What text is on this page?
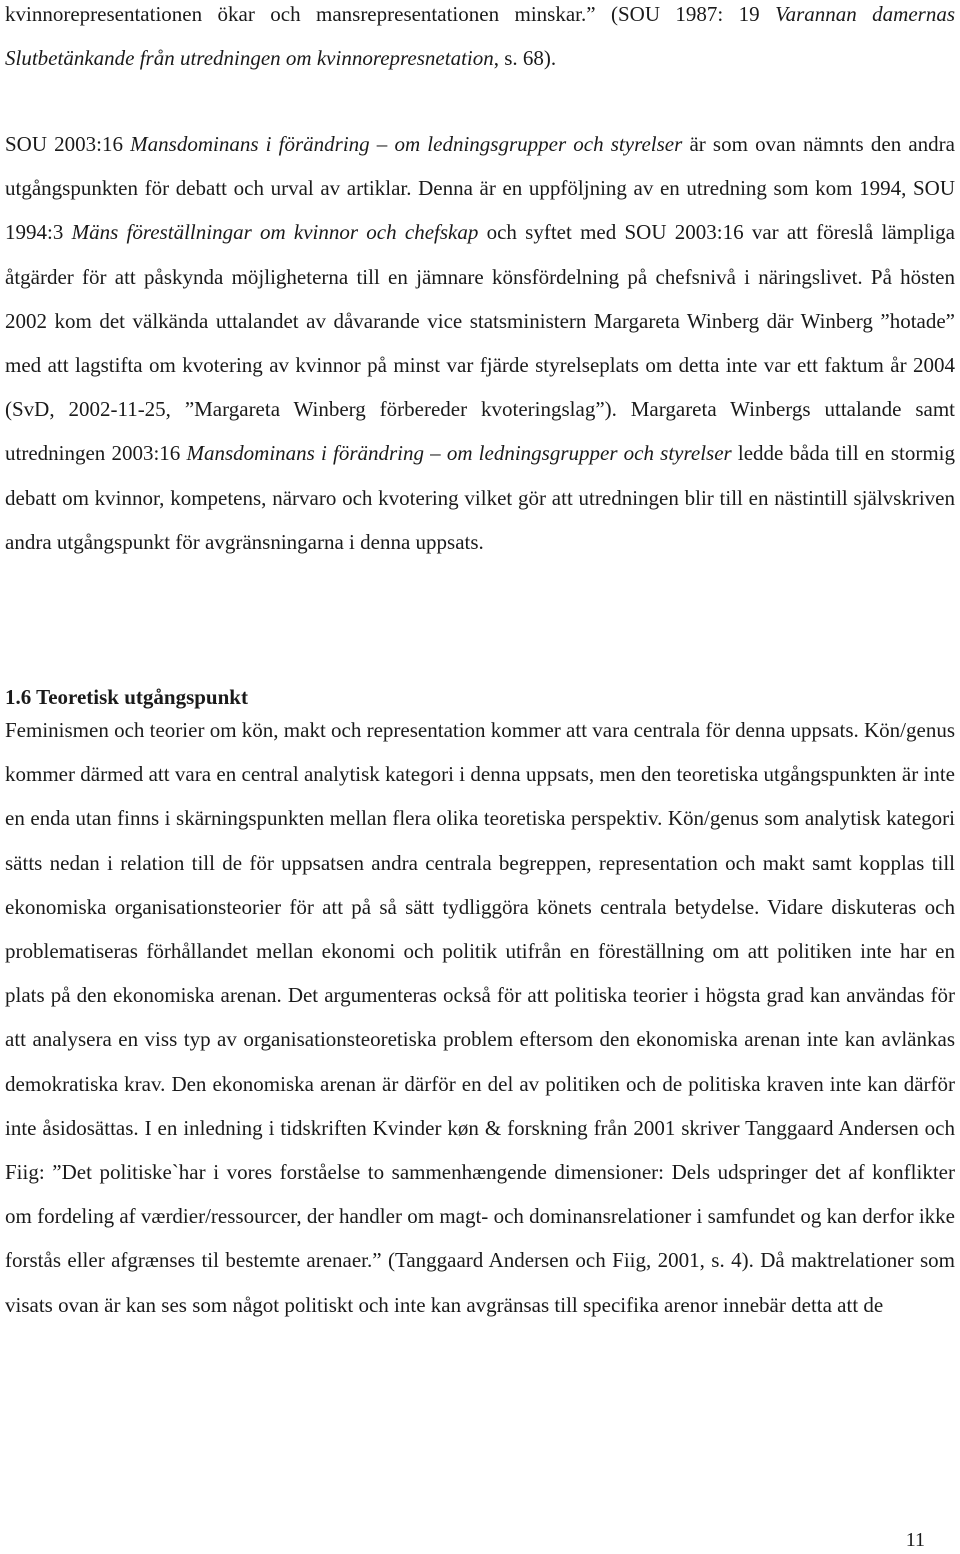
kvinnorepresentationen ökar och mansrepresentationen minskar.” (SOU 1987: 19 Varannan damernas Slutbetänkande från utredningen om kvinnorepresnetation, s. 68).

SOU 2003:16 Mansdominans i förändring – om ledningsgrupper och styrelser är som ovan nämnts den andra utgångspunkten för debatt och urval av artiklar. Denna är en uppföljning av en utredning som kom 1994, SOU 1994:3 Mäns föreställningar om kvinnor och chefskap och syftet med SOU 2003:16 var att föreslå lämpliga åtgärder för att påskynda möjligheterna till en jämnare könsfördelning på chefsnivå i näringslivet. På hösten 2002 kom det välkända uttalandet av dåvarande vice statsministern Margareta Winberg där Winberg ”hotade” med att lagstifta om kvotering av kvinnor på minst var fjärde styrelseplats om detta inte var ett faktum år 2004 (SvD, 2002-11-25, ”Margareta Winberg förbereder kvoteringslag”). Margareta Winbergs uttalande samt utredningen 2003:16 Mansdominans i förändring – om ledningsgrupper och styrelser ledde båda till en stormig debatt om kvinnor, kompetens, närvaro och kvotering vilket gör att utredningen blir till en nästintill självskriven andra utgångspunkt för avgränsningarna i denna uppsats.

1.6 Teoretisk utgångspunkt

Feminismen och teorier om kön, makt och representation kommer att vara centrala för denna uppsats. Kön/genus kommer därmed att vara en central analytisk kategori i denna uppsats, men den teoretiska utgångspunkten är inte en enda utan finns i skärningspunkten mellan flera olika teoretiska perspektiv. Kön/genus som analytisk kategori sätts nedan i relation till de för uppsatsen andra centrala begreppen, representation och makt samt kopplas till ekonomiska organisationsteorier för att på så sätt tydliggöra könets centrala betydelse. Vidare diskuteras och problematiseras förhållandet mellan ekonomi och politik utifrån en föreställning om att politiken inte har en plats på den ekonomiska arenan. Det argumenteras också för att politiska teorier i högsta grad kan användas för att analysera en viss typ av organisationsteoretiska problem eftersom den ekonomiska arenan inte kan avlänkas demokratiska krav. Den ekonomiska arenan är därför en del av politiken och de politiska kraven inte kan därför inte åsidosättas. I en inledning i tidskriften Kvinder køn & forskning från 2001 skriver Tanggaard Andersen och Fiig: ”Det politiske`har i vores forståelse to sammenhængende dimensioner: Dels udspringer det af konflikter om fordeling af værdier/ressourcer, der handler om magt- och dominansrelationer i samfundet og kan derfor ikke forstås eller afgrænses til bestemte arenaer.” (Tanggaard Andersen och Fiig, 2001, s. 4). Då maktrelationer som visats ovan är kan ses som något politiskt och inte kan avgränsas till specifika arenor innebär detta att de

11
